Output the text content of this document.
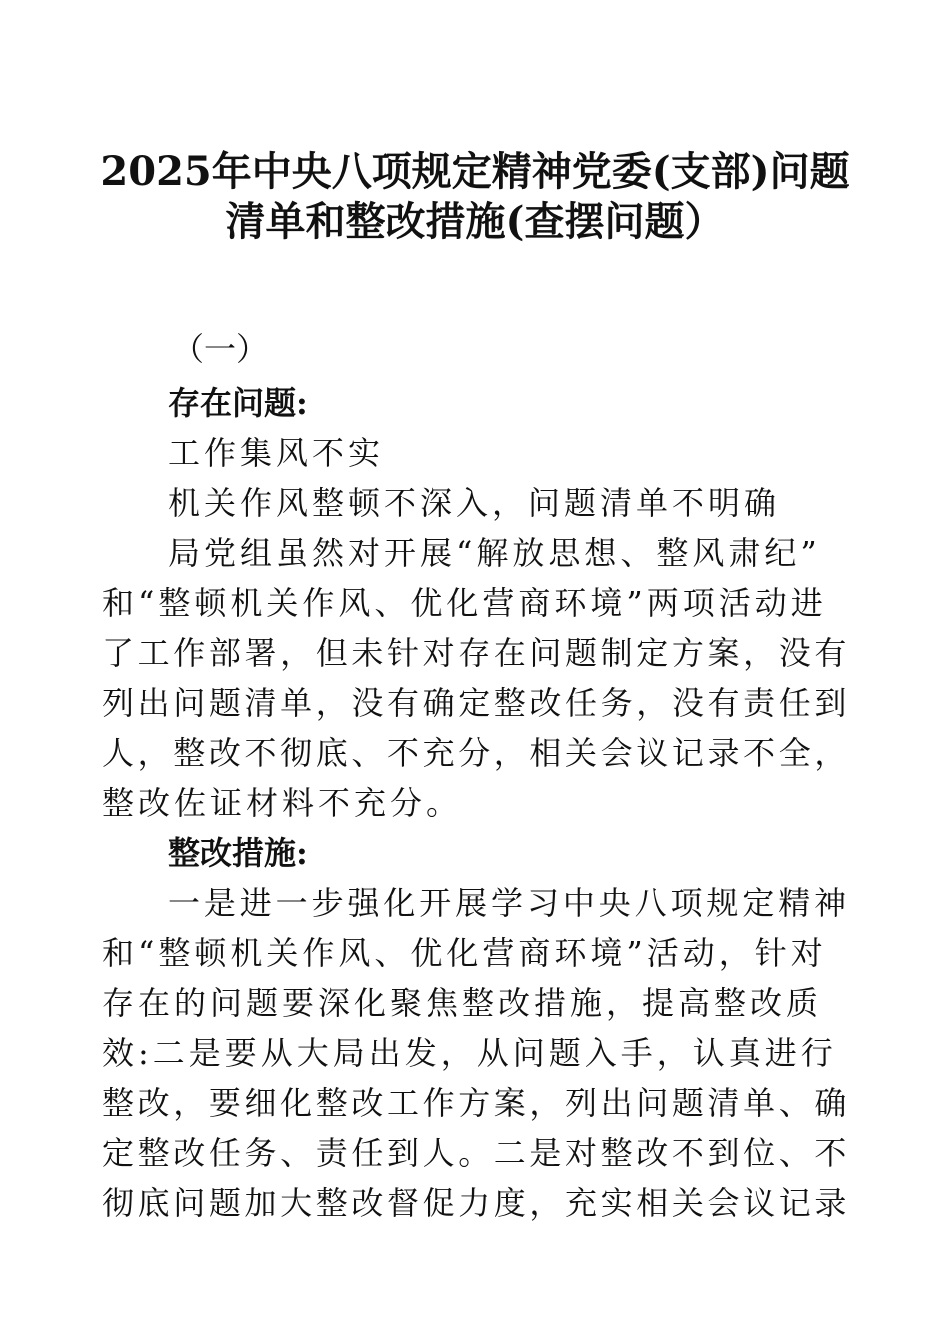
2025年中央八项规定精神党委(支部)问题
清单和整改措施(查摆问题）
（一）
存在问题:
工作集风不实
机关作风整顿不深入，问题清单不明确
局党组虽然对开展“解放思想、整风肃纪”
和“整顿机关作风、优化营商环境”两项活动进
了工作部署，但未针对存在问题制定方案，没有
列出问题清单，没有确定整改任务，没有责任到
人，整改不彻底、不充分，相关会议记录不全，
整改佐证材料不充分。
整改措施:
一是进一步强化开展学习中央八项规定精神
和“整顿机关作风、优化营商环境”活动，针对
存在的问题要深化聚焦整改措施，提高整改质
效:二是要从大局出发，从问题入手，认真进行
整改，要细化整改工作方案，列出问题清单、确
定整改任务、责任到人。二是对整改不到位、不
彻底问题加大整改督促力度，充实相关会议记录
